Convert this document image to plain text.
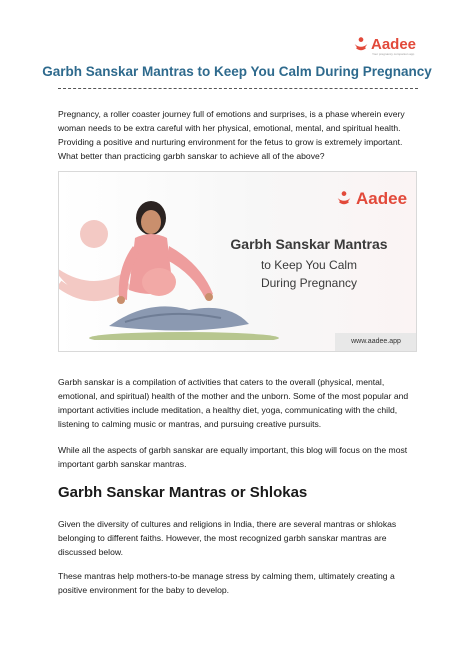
Aadee
Your pregnancy companion app
Garbh Sanskar Mantras to Keep You Calm During Pregnancy

Pregnancy, a roller coaster journey full of emotions and surprises, is a phase wherein every woman needs to be extra careful with her physical, emotional, mental, and spiritual health. Providing a positive and nurturing environment for the fetus to grow is extremely important. What better than practicing garbh sanskar to achieve all of the above?

Aadee
Garbh Sanskar Mantras
to Keep You Calm
During Pregnancy
www.aadee.app

Garbh sanskar is a compilation of activities that caters to the overall (physical, mental, emotional, and spiritual) health of the mother and the unborn. Some of the most popular and important activities include meditation, a healthy diet, yoga, communicating with the child, listening to calming music or mantras, and pursuing creative pursuits.

While all the aspects of garbh sanskar are equally important, this blog will focus on the most important garbh sanskar mantras.

Garbh Sanskar Mantras or Shlokas

Given the diversity of cultures and religions in India, there are several mantras or shlokas belonging to different faiths. However, the most recognized garbh sanskar mantras are discussed below.

These mantras help mothers-to-be manage stress by calming them, ultimately creating a positive environment for the baby to develop.
